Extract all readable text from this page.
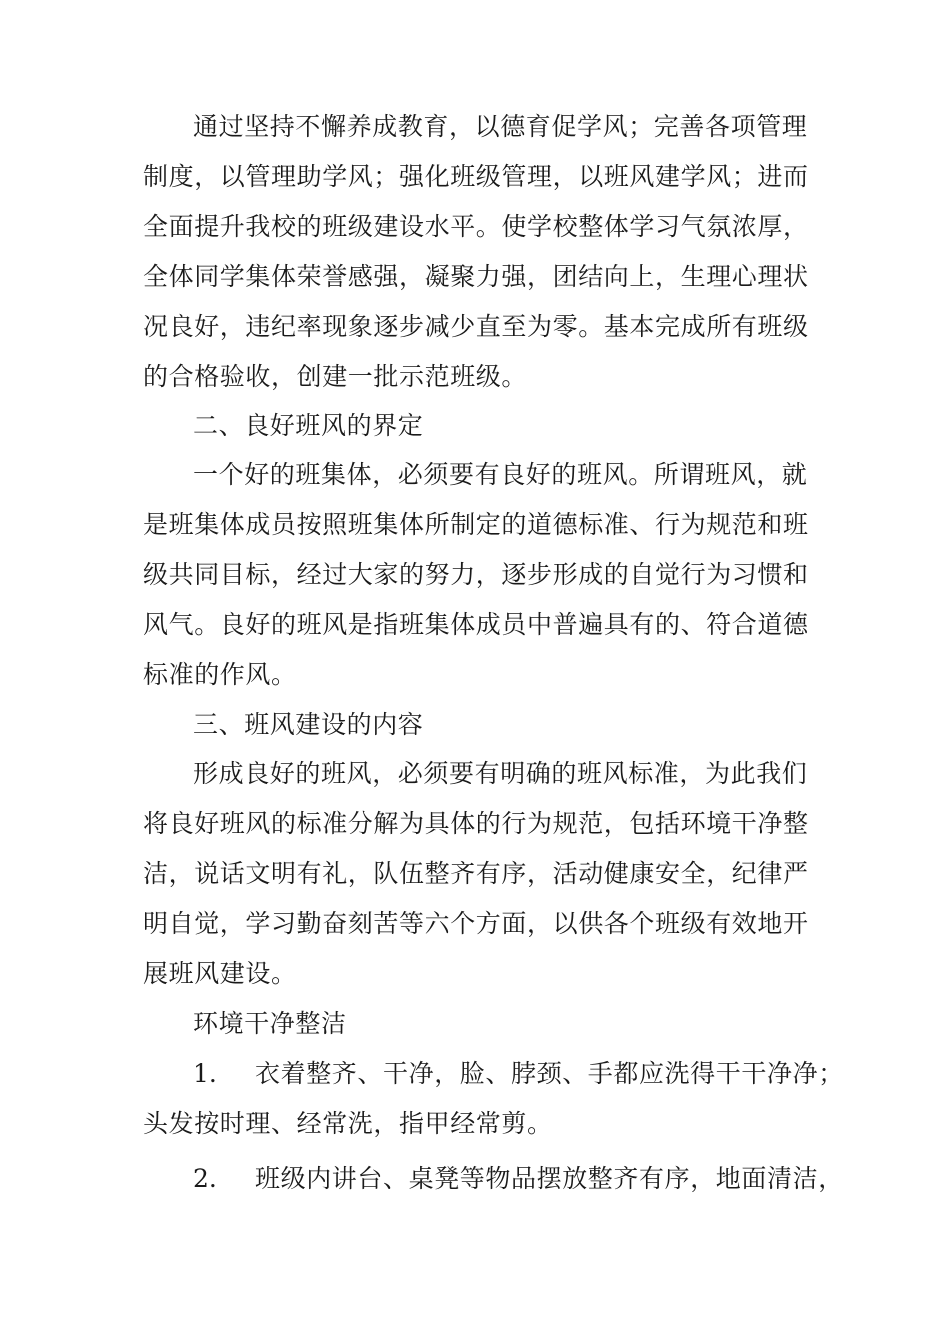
通过坚持不懈养成教育，以德育促学风；完善各项管理
制度，以管理助学风；强化班级管理，以班风建学风；进而
全面提升我校的班级建设水平。使学校整体学习气氛浓厚，
全体同学集体荣誉感强，凝聚力强，团结向上，生理心理状
况良好，违纪率现象逐步减少直至为零。基本完成所有班级
的合格验收，创建一批示范班级。
二、良好班风的界定
一个好的班集体，必须要有良好的班风。所谓班风，就
是班集体成员按照班集体所制定的道德标准、行为规范和班
级共同目标，经过大家的努力，逐步形成的自觉行为习惯和
风气。良好的班风是指班集体成员中普遍具有的、符合道德
标准的作风。
三、班风建设的内容
形成良好的班风，必须要有明确的班风标准，为此我们
将良好班风的标准分解为具体的行为规范，包括环境干净整
洁，说话文明有礼，队伍整齐有序，活动健康安全，纪律严
明自觉，学习勤奋刻苦等六个方面，以供各个班级有效地开
展班风建设。
环境干净整洁
1. 衣着整齐、干净，脸、脖颈、手都应洗得干干净净；
头发按时理、经常洗，指甲经常剪。
2. 班级内讲台、桌凳等物品摆放整齐有序，地面清洁，
